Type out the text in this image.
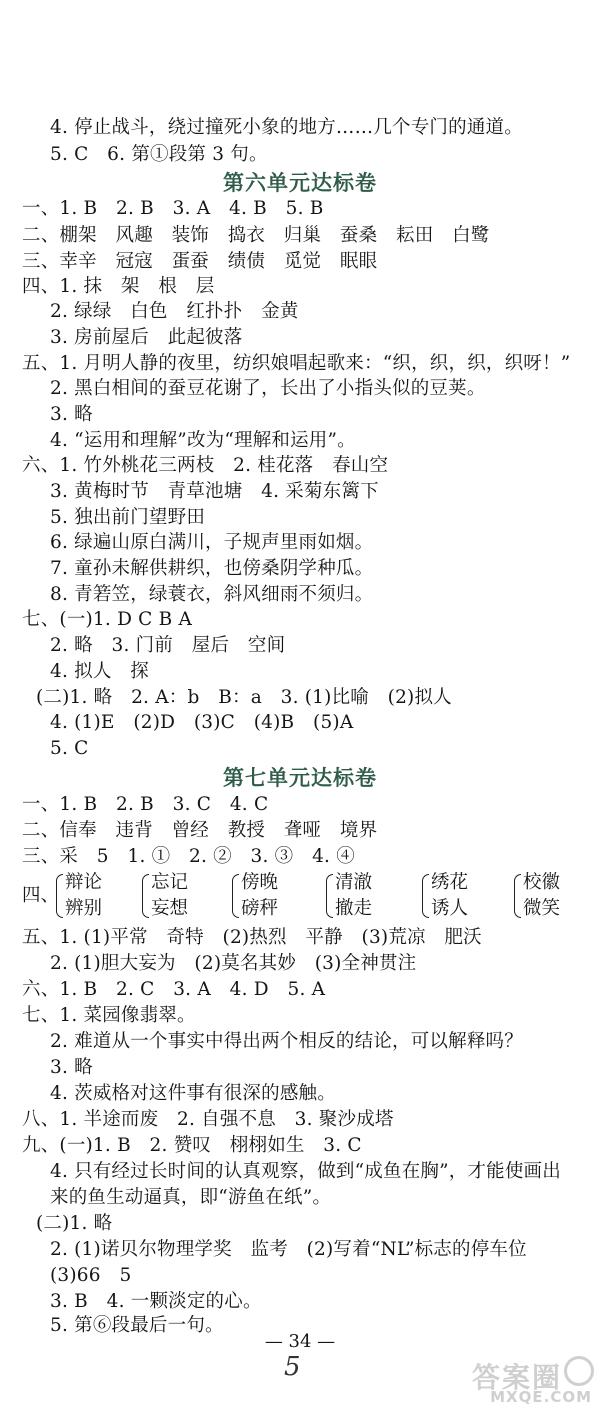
4. 停止战斗，绕过撞死小象的地方……几个专门的通道。
5. C　6. 第①段第 3 句。
第六单元达标卷
一、1. B　2. B　3. A　4. B　5. B
二、棚架　风趣　装饰　捣衣　归巢　蚕桑　耘田　白鹭
三、幸辛　冠寇　蛋蚕　绩债　觅觉　眠眼
四、1. 抹　架　根　层
2. 绿绿　白色　红扑扑　金黄
3. 房前屋后　此起彼落
五、1. 月明人静的夜里，纺织娘唱起歌来：“织，织，织，织呀！”
2. 黑白相间的蚕豆花谢了，长出了小指头似的豆荚。
3. 略
4. “运用和理解”改为“理解和运用”。
六、1. 竹外桃花三两枝　2. 桂花落　春山空
3. 黄梅时节　青草池塘　4. 采菊东篱下
5. 独出前门望野田
6. 绿遍山原白满川，子规声里雨如烟。
7. 童孙未解供耕织，也傍桑阴学种瓜。
8. 青箬笠，绿蓑衣，斜风细雨不须归。
七、(一)1. D C B A
2. 略　3. 门前　屋后　空间
4. 拟人　探
(二)1. 略　2. A：b　B：a　3. (1)比喻　(2)拟人
4. (1)E　(2)D　(3)C　(4)B　(5)A
5. C
第七单元达标卷
一、1. B　2. B　3. C　4. C
二、信奉　违背　曾经　教授　聋哑　境界
三、采　5　1. ①　2. ②　3. ③　4. ④
四、
辩论
辨别
忘记
妄想
傍晚
磅秤
清澈
撤走
绣花
诱人
校徽
微笑
五、1. (1)平常　奇特　(2)热烈　平静　(3)荒凉　肥沃
2. (1)胆大妄为　(2)莫名其妙　(3)全神贯注
六、1. B　2. C　3. A　4. D　5. A
七、1. 菜园像翡翠。
2. 难道从一个事实中得出两个相反的结论，可以解释吗？
3. 略
4. 茨威格对这件事有很深的感触。
八、1. 半途而废　2. 自强不息　3. 聚沙成塔
九、(一)1. B　2. 赞叹　栩栩如生　3. C
4. 只有经过长时间的认真观察，做到“成鱼在胸”，才能使画出
来的鱼生动逼真，即“游鱼在纸”。
(二)1. 略
2. (1)诺贝尔物理学奖　监考　(2)写着“NL”标志的停车位
(3)66　5
3. B　4. 一颗淡定的心。
5. 第⑥段最后一句。
— 34 —
5	答案圈
MXQE.COM
